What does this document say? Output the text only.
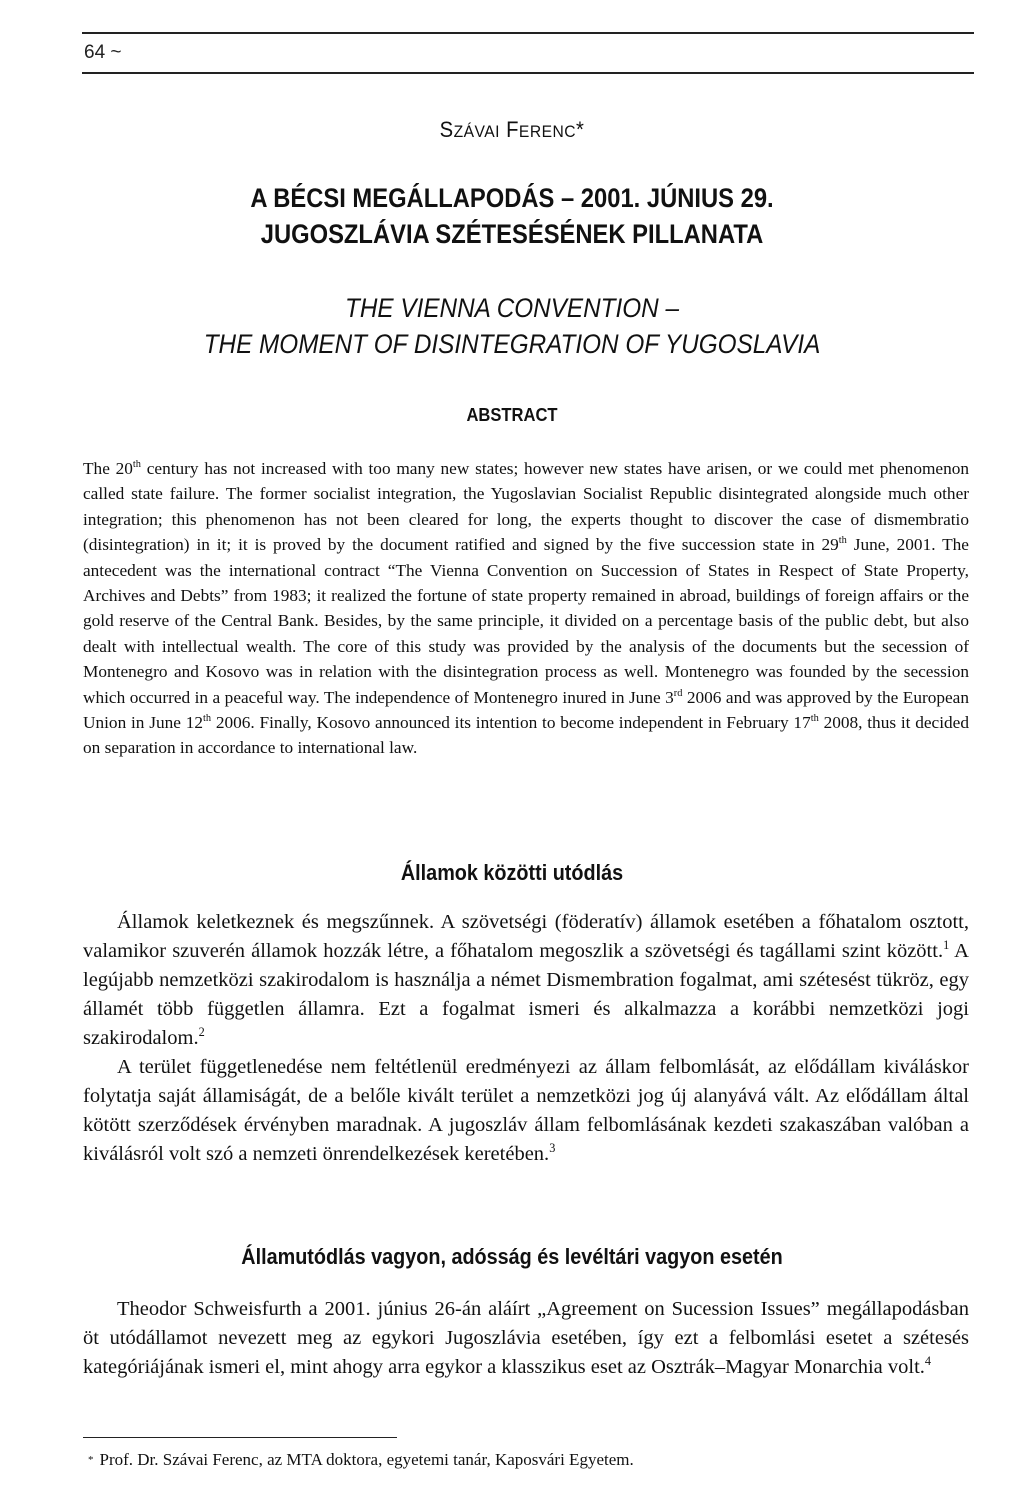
64 ~
SZÁVAI FERENC*
A BÉCSI MEGÁLLAPODÁS – 2001. JÚNIUS 29.
JUGOSZLÁVIA SZÉTESÉSÉNEK PILLANATA
THE VIENNA CONVENTION –
THE MOMENT OF DISINTEGRATION OF YUGOSLAVIA
ABSTRACT
The 20th century has not increased with too many new states; however new states have arisen, or we could met phenomenon called state failure. The former socialist integration, the Yugoslavian Socialist Republic disintegrated alongside much other integration; this phenomenon has not been cleared for long, the experts thought to discover the case of dismembratio (disintegration) in it; it is proved by the document ratified and signed by the five succession state in 29th June, 2001. The antecedent was the international contract “The Vienna Convention on Succession of States in Respect of State Property, Archives and Debts” from 1983; it realized the fortune of state property remained in abroad, buildings of foreign affairs or the gold reserve of the Central Bank. Besides, by the same principle, it divided on a percentage basis of the public debt, but also dealt with intellectual wealth. The core of this study was provided by the analysis of the documents but the secession of Montenegro and Kosovo was in relation with the disintegration process as well. Montenegro was founded by the secession which occurred in a peaceful way. The independence of Montenegro inured in June 3rd 2006 and was approved by the European Union in June 12th 2006. Finally, Kosovo announced its intention to become independent in February 17th 2008, thus it decided on separation in accordance to international law.
Államok közötti utódlás
Államok keletkeznek és megszűnnek. A szövetségi (föderatív) államok esetében a főhatalom osztott, valamikor szuverén államok hozzák létre, a főhatalom megoszlik a szövetségi és tagállami szint között.$^1$ A legújabb nemzetközi szakirodalom is használja a német Dismembration fogalmat, ami szétesést tükröz, egy államét több független államra. Ezt a fogalmat ismeri és alkalmazza a korábbi nemzetközi jogi szakirodalom.$^2$
A terület függetlenedése nem feltétlenül eredményezi az állam felbomlását, az elődállam kiváláskor folytatja saját államiságát, de a belőle kivált terület a nemzetközi jog új alanyává vált. Az elődállam által kötött szerződések érvényben maradnak. A jugoszláv állam felbomlásának kezdeti szakaszában valóban a kiválásról volt szó a nemzeti önrendelkezések keretében.$^3$
Államutódlás vagyon, adósság és levéltári vagyon esetén
Theodor Schweisfurth a 2001. június 26-án aláírt „Agreement on Sucession Issues” megállapodásban öt utódállamot nevezett meg az egykori Jugoszlávia esetében, így ezt a felbomlási esetet a szétesés kategóriájának ismeri el, mint ahogy arra egykor a klasszikus eset az Osztrák–Magyar Monarchia volt.$^4$
* Prof. Dr. Szávai Ferenc, az MTA doktora, egyetemi tanár, Kaposvári Egyetem.
